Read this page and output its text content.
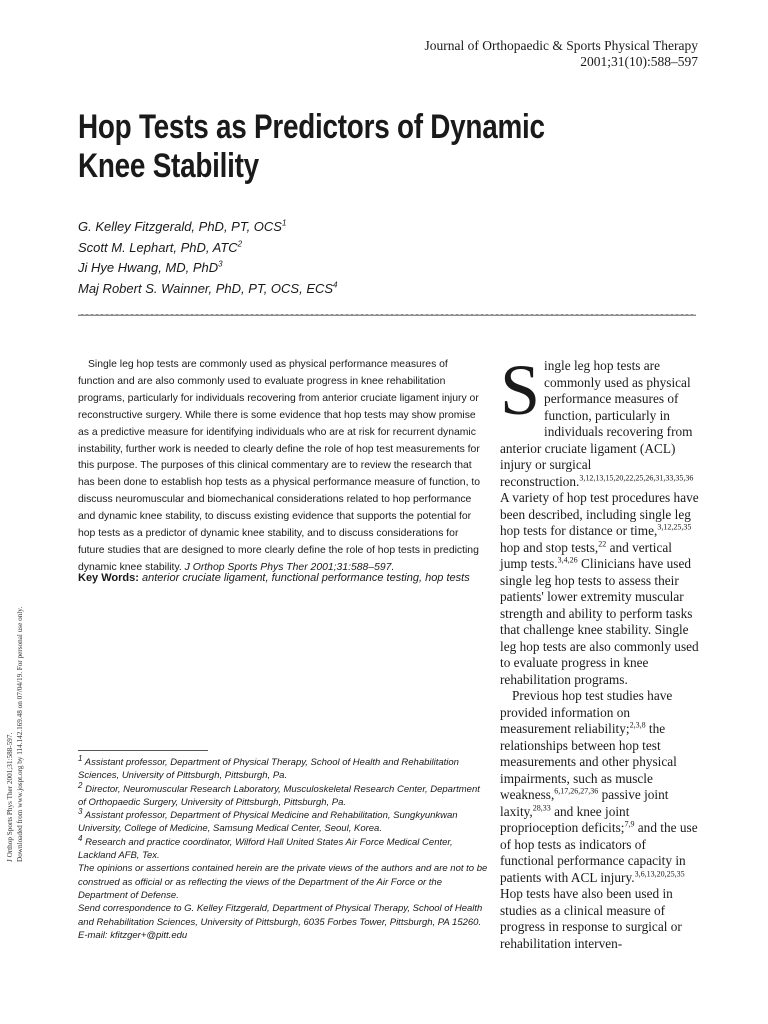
Journal of Orthopaedic & Sports Physical Therapy
2001;31(10):588–597
Hop Tests as Predictors of Dynamic Knee Stability
G. Kelley Fitzgerald, PhD, PT, OCS$^1$
Scott M. Lephart, PhD, ATC$^2$
Ji Hye Hwang, MD, PhD$^3$
Maj Robert S. Wainner, PhD, PT, OCS, ECS$^4$
Single leg hop tests are commonly used as physical performance measures of function and are also commonly used to evaluate progress in knee rehabilitation programs, particularly for individuals recovering from anterior cruciate ligament injury or reconstructive surgery. While there is some evidence that hop tests may show promise as a predictive measure for identifying individuals who are at risk for recurrent dynamic instability, further work is needed to clearly define the role of hop test measurements for this purpose. The purposes of this clinical commentary are to review the research that has been done to establish hop tests as a physical performance measure of function, to discuss neuromuscular and biomechanical considerations related to hop performance and dynamic knee stability, to discuss existing evidence that supports the potential for hop tests as a predictor of dynamic knee stability, and to discuss considerations for future studies that are designed to more clearly define the role of hop tests in predicting dynamic knee stability. J Orthop Sports Phys Ther 2001;31:588–597.
Key Words: anterior cruciate ligament, functional performance testing, hop tests

$^1$ Assistant professor, Department of Physical Therapy, School of Health and Rehabilitation Sciences, University of Pittsburgh, Pittsburgh, Pa.

$^2$ Director, Neuromuscular Research Laboratory, Musculoskeletal Research Center, Department of Orthopaedic Surgery, University of Pittsburgh, Pittsburgh, Pa.

$^3$ Assistant professor, Department of Physical Medicine and Rehabilitation, Sungkyunkwan University, College of Medicine, Samsung Medical Center, Seoul, Korea.

$^4$ Research and practice coordinator, Wilford Hall United States Air Force Medical Center, Lackland AFB, Tex.

The opinions or assertions contained herein are the private views of the authors and are not to be construed as official or as reflecting the views of the Department of the Air Force or the Department of Defense.

Send correspondence to G. Kelley Fitzgerald, Department of Physical Therapy, School of Health and Rehabilitation Sciences, University of Pittsburgh, 6035 Forbes Tower, Pittsburgh, PA 15260. E-mail: kfitzger+@pitt.edu

Single leg hop tests are commonly used as physical performance measures of function, particularly in individuals recovering from anterior cruciate ligament (ACL) injury or surgical reconstruction.$^{3,12,13,15,20,22,25,26,31,33,35,36}$ A variety of hop test procedures have been described, including single leg hop tests for distance or time,$^{3,12,25,35}$ hop and stop tests,$^{22}$ and vertical jump tests.$^{3,4,26}$ Clinicians have used single leg hop tests to assess their patients' lower extremity muscular strength and ability to perform tasks that challenge knee stability. Single leg hop tests are also commonly used to evaluate progress in knee rehabilitation programs.

Previous hop test studies have provided information on measurement reliability;$^{2,3,8}$ the relationships between hop test measurements and other physical impairments, such as muscle weakness,$^{6,17,26,27,36}$ passive joint laxity,$^{28,33}$ and knee joint proprioception deficits;$^{7,9}$ and the use of hop tests as indicators of functional performance capacity in patients with ACL injury.$^{3,6,13,20,25,35}$ Hop tests have also been used in studies as a clinical measure of progress in response to surgical or rehabilitation interven-

J Orthop Sports Phys Ther 2001;31:588-597. Downloaded from www.jospt.org by 114.142.169.48 on 07/04/19. For personal use only.
